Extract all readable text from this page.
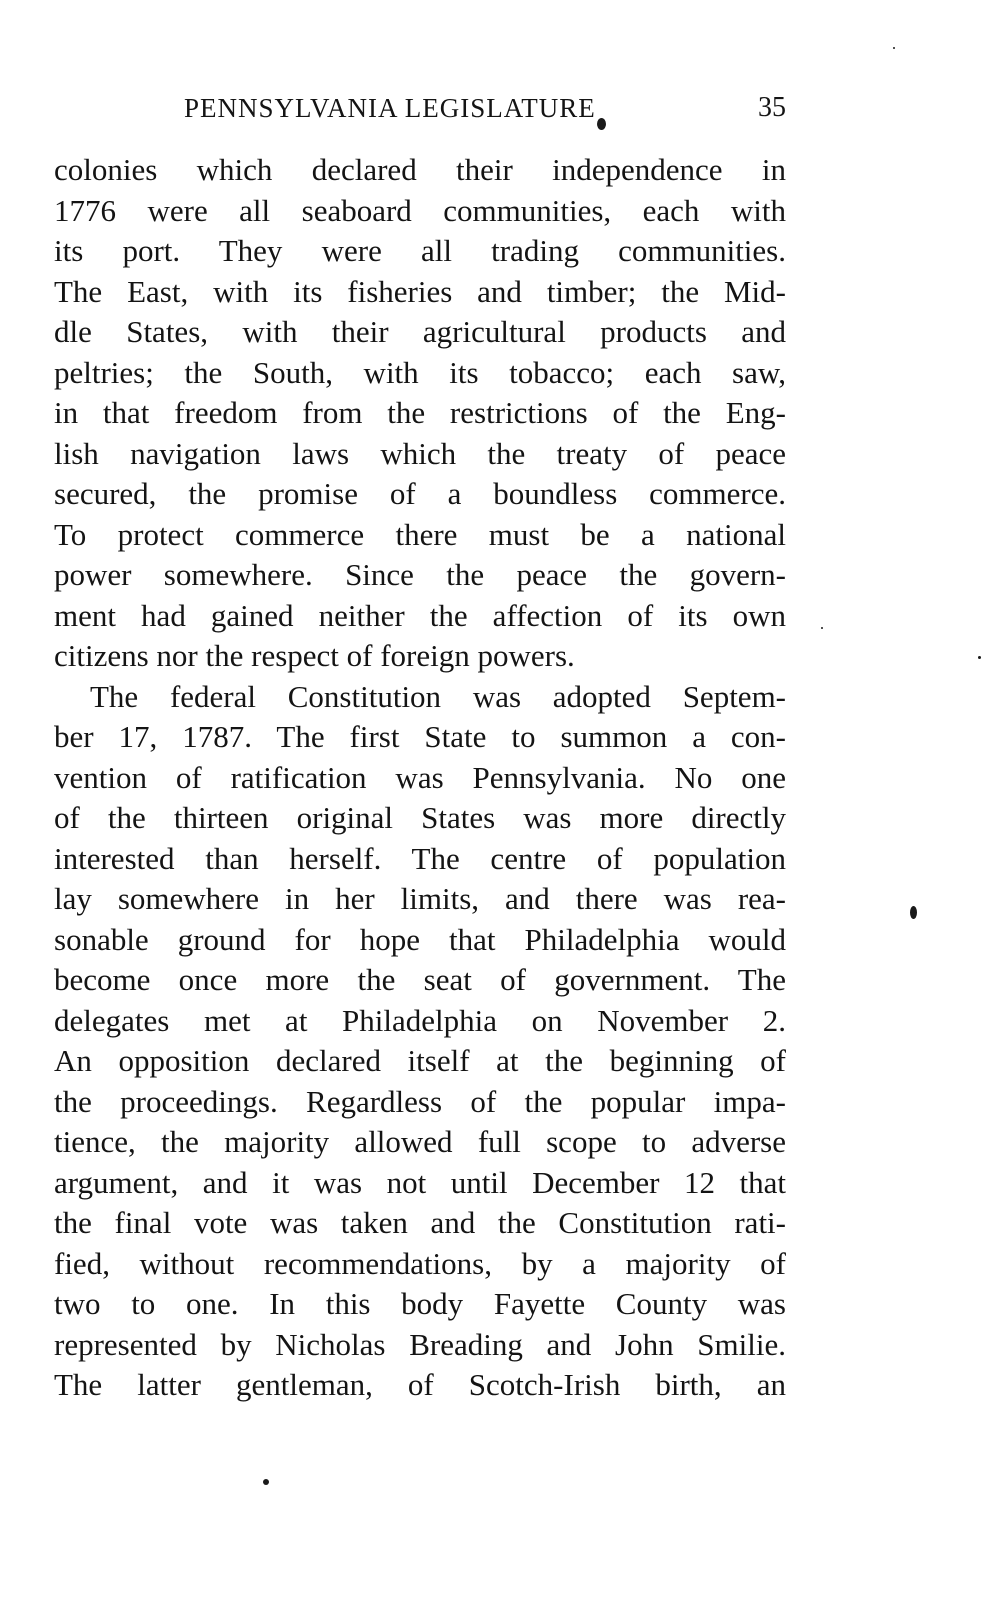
PENNSYLVANIA LEGISLATURE	35
colonies which declared their independence in
1776 were all seaboard communities, each with
its port. They were all trading communities.
The East, with its fisheries and timber; the Mid-
dle States, with their agricultural products and
peltries; the South, with its tobacco; each saw,
in that freedom from the restrictions of the Eng-
lish navigation laws which the treaty of peace
secured, the promise of a boundless commerce.
To protect commerce there must be a national
power somewhere. Since the peace the govern-
ment had gained neither the affection of its own
citizens nor the respect of foreign powers.
The federal Constitution was adopted Septem-
ber 17, 1787. The first State to summon a con-
vention of ratification was Pennsylvania. No one
of the thirteen original States was more directly
interested than herself. The centre of population
lay somewhere in her limits, and there was rea-
sonable ground for hope that Philadelphia would
become once more the seat of government. The
delegates met at Philadelphia on November 2.
An opposition declared itself at the beginning of
the proceedings. Regardless of the popular impa-
tience, the majority allowed full scope to adverse
argument, and it was not until December 12 that
the final vote was taken and the Constitution rati-
fied, without recommendations, by a majority of
two to one. In this body Fayette County was
represented by Nicholas Breading and John Smilie.
The latter gentleman, of Scotch-Irish birth, an
